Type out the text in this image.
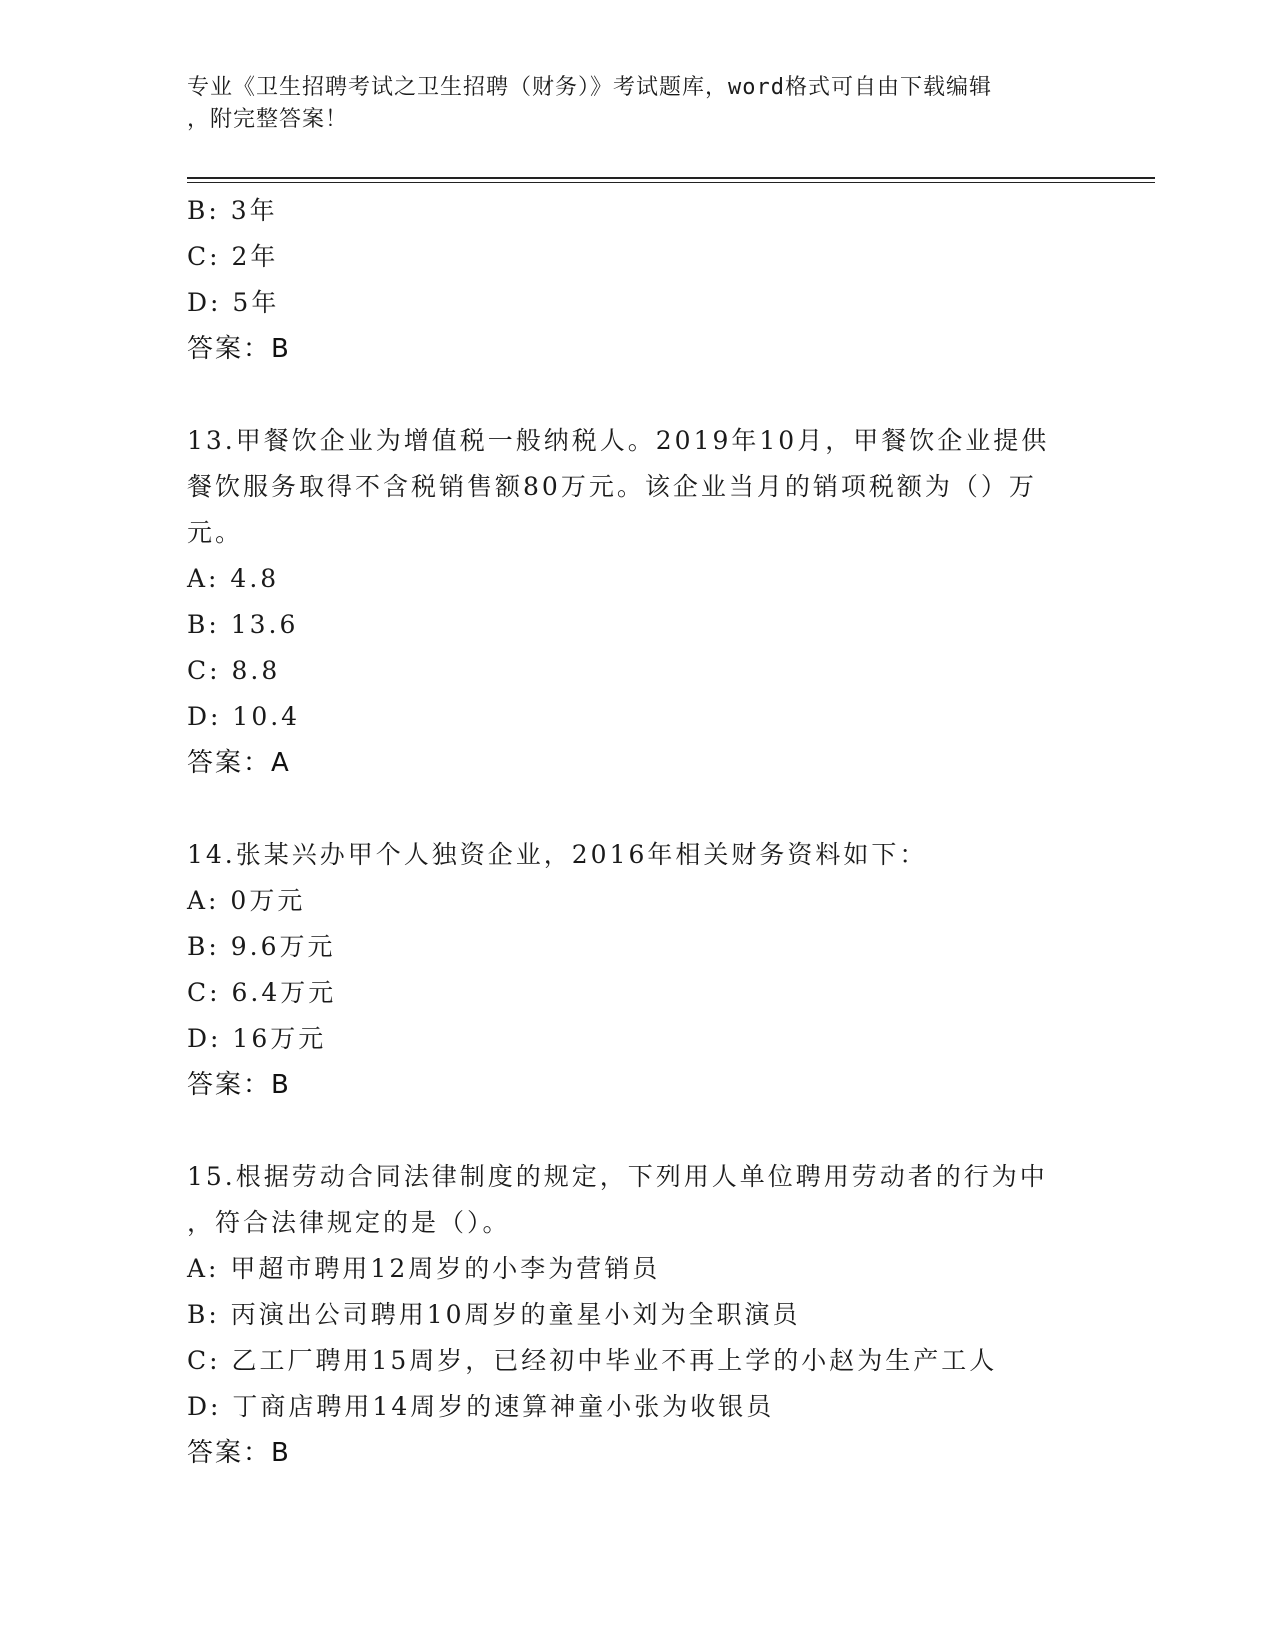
专业《卫生招聘考试之卫生招聘（财务）》考试题库，word格式可自由下载编辑
，附完整答案！
B: 3年
C: 2年
D: 5年
答案：B
13.甲餐饮企业为增值税一般纳税人。2019年10月，甲餐饮企业提供
餐饮服务取得不含税销售额80万元。该企业当月的销项税额为（）万
元。
A: 4.8
B: 13.6
C: 8.8
D: 10.4
答案：A
14.张某兴办甲个人独资企业，2016年相关财务资料如下：
A: 0万元
B: 9.6万元
C: 6.4万元
D: 16万元
答案：B
15.根据劳动合同法律制度的规定，下列用人单位聘用劳动者的行为中
，符合法律规定的是（）。
A: 甲超市聘用12周岁的小李为营销员
B: 丙演出公司聘用10周岁的童星小刘为全职演员
C: 乙工厂聘用15周岁，已经初中毕业不再上学的小赵为生产工人
D: 丁商店聘用14周岁的速算神童小张为收银员
答案：B
